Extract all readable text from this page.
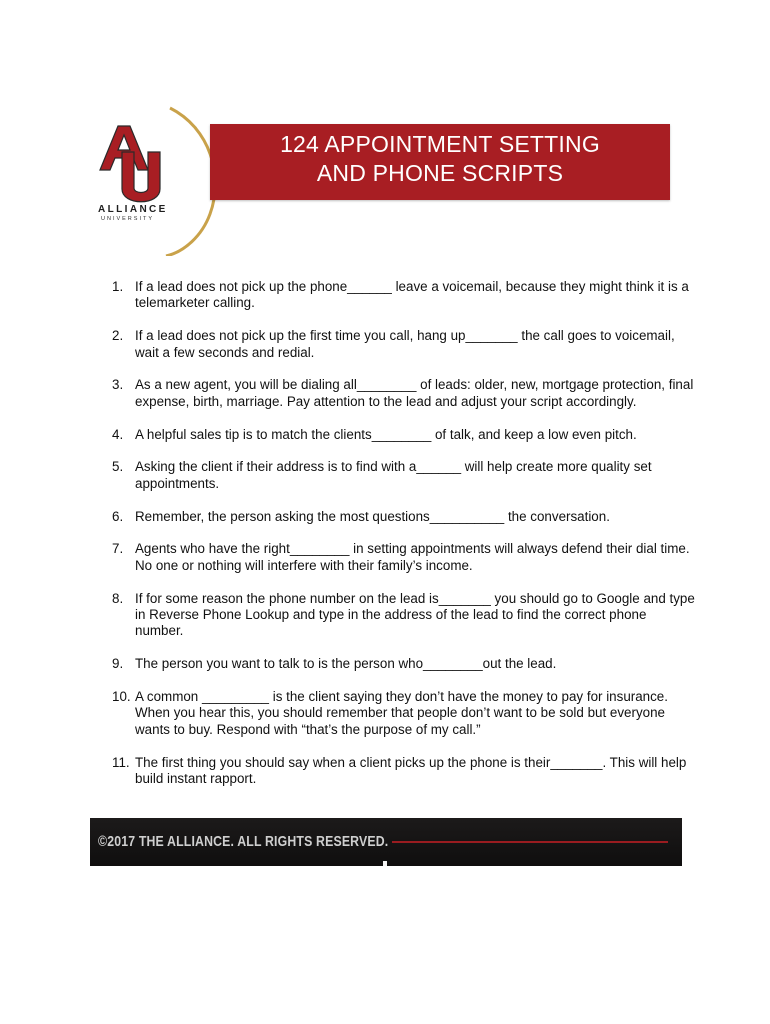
ALLIANCE
UNIVERSITY
124 APPOINTMENT SETTING
AND PHONE SCRIPTS
1. If a lead does not pick up the phone______ leave a voicemail, because they might think it is a telemarketer calling.
2. If a lead does not pick up the first time you call, hang up_______ the call goes to voicemail, wait a few seconds and redial.
3. As a new agent, you will be dialing all________ of leads: older, new, mortgage protection, final expense, birth, marriage. Pay attention to the lead and adjust your script accordingly.
4. A helpful sales tip is to match the clients________ of talk, and keep a low even pitch.
5. Asking the client if their address is to find with a______ will help create more quality set appointments.
6. Remember, the person asking the most questions__________ the conversation.
7. Agents who have the right________ in setting appointments will always defend their dial time. No one or nothing will interfere with their family’s income.
8. If for some reason the phone number on the lead is_______ you should go to Google and type in Reverse Phone Lookup and type in the address of the lead to find the correct phone number.
9. The person you want to talk to is the person who________out the lead.
10. A common _________ is the client saying they don’t have the money to pay for insurance. When you hear this, you should remember that people don’t want to be sold but everyone wants to buy. Respond with “that’s the purpose of my call.”
11. The first thing you should say when a client picks up the phone is their_______. This will help build instant rapport.
©2017 THE ALLIANCE. ALL RIGHTS RESERVED.
